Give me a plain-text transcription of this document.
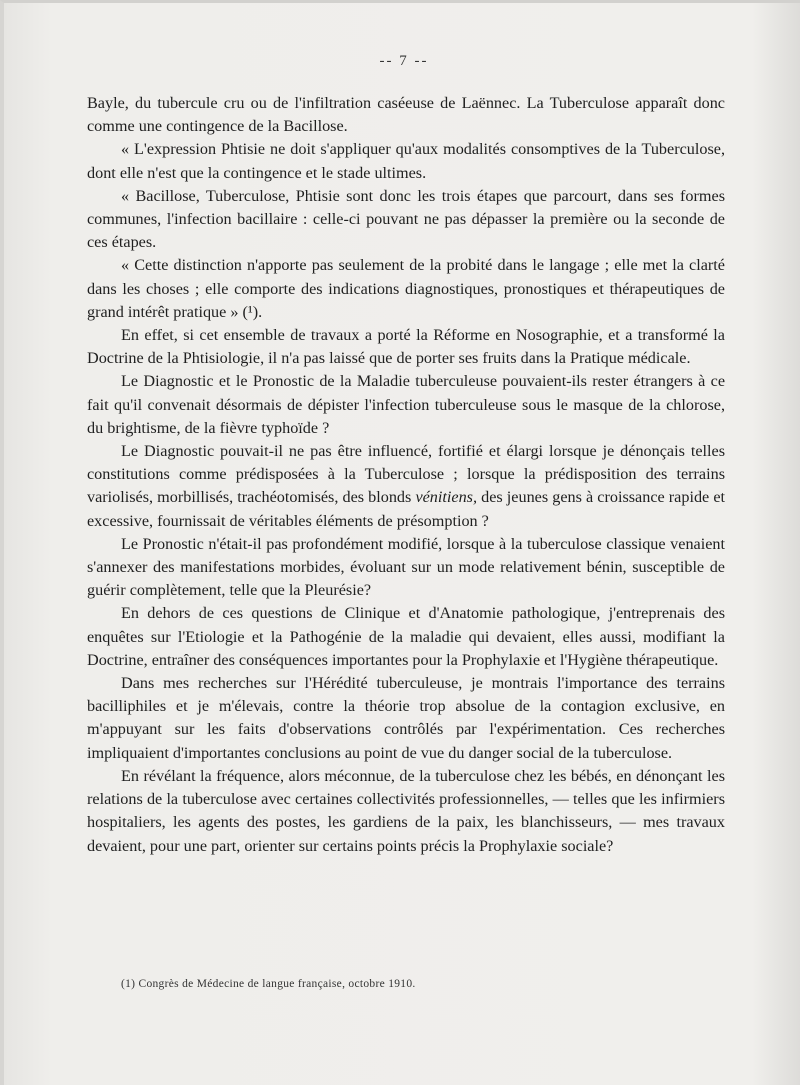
-- 7 --

Bayle, du tubercule cru ou de l'infiltration caséeuse de Laënnec. La Tuberculose apparaît donc comme une contingence de la Bacillose.

« L'expression Phtisie ne doit s'appliquer qu'aux modalités consomptives de la Tuberculose, dont elle n'est que la contingence et le stade ultimes.

« Bacillose, Tuberculose, Phtisie sont donc les trois étapes que parcourt, dans ses formes communes, l'infection bacillaire : celle-ci pouvant ne pas dépasser la première ou la seconde de ces étapes.

« Cette distinction n'apporte pas seulement de la probité dans le langage ; elle met la clarté dans les choses ; elle comporte des indications diagnostiques, pronostiques et thérapeutiques de grand intérêt pratique » (¹).

En effet, si cet ensemble de travaux a porté la Réforme en Nosographie, et a transformé la Doctrine de la Phtisiologie, il n'a pas laissé que de porter ses fruits dans la Pratique médicale.

Le Diagnostic et le Pronostic de la Maladie tuberculeuse pouvaient-ils rester étrangers à ce fait qu'il convenait désormais de dépister l'infection tuberculeuse sous le masque de la chlorose, du brightisme, de la fièvre typhoïde ?

Le Diagnostic pouvait-il ne pas être influencé, fortifié et élargi lorsque je dénonçais telles constitutions comme prédisposées à la Tuberculose ; lorsque la prédisposition des terrains variolisés, morbillisés, trachéotomisés, des blonds vénitiens, des jeunes gens à croissance rapide et excessive, fournissait de véritables éléments de présomption ?

Le Pronostic n'était-il pas profondément modifié, lorsque à la tuberculose classique venaient s'annexer des manifestations morbides, évoluant sur un mode relativement bénin, susceptible de guérir complètement, telle que la Pleurésie?

En dehors de ces questions de Clinique et d'Anatomie pathologique, j'entreprenais des enquêtes sur l'Etiologie et la Pathogénie de la maladie qui devaient, elles aussi, modifiant la Doctrine, entraîner des conséquences importantes pour la Prophylaxie et l'Hygiène thérapeutique.

Dans mes recherches sur l'Hérédité tuberculeuse, je montrais l'importance des terrains bacilliphiles et je m'élevais, contre la théorie trop absolue de la contagion exclusive, en m'appuyant sur les faits d'observations contrôlés par l'expérimentation. Ces recherches impliquaient d'importantes conclusions au point de vue du danger social de la tuberculose.

En révélant la fréquence, alors méconnue, de la tuberculose chez les bébés, en dénonçant les relations de la tuberculose avec certaines collectivités professionnelles, — telles que les infirmiers hospitaliers, les agents des postes, les gardiens de la paix, les blanchisseurs, — mes travaux devaient, pour une part, orienter sur certains points précis la Prophylaxie sociale?

(1) Congrès de Médecine de langue française, octobre 1910.
